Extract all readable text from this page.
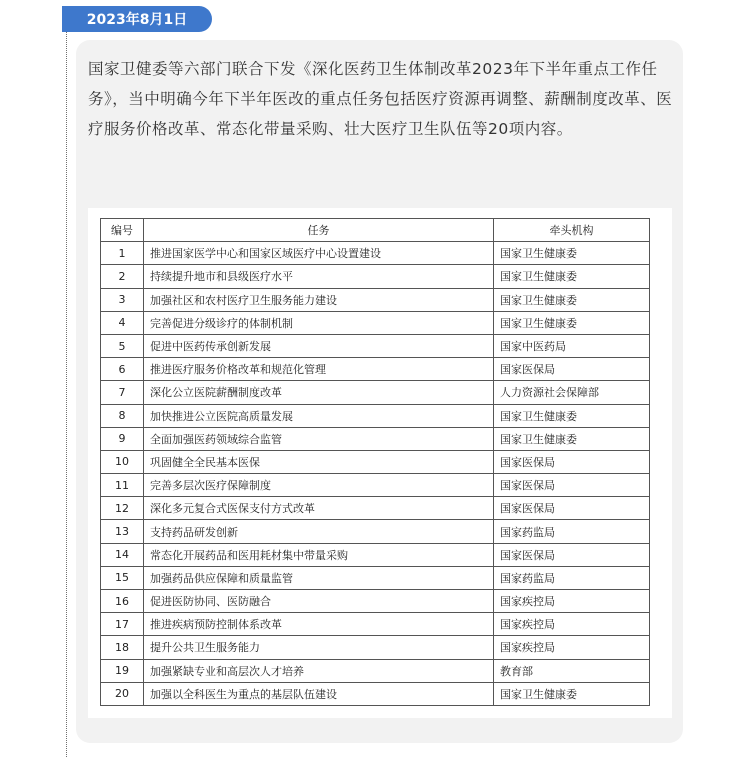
2023年8月1日
国家卫健委等六部门联合下发《深化医药卫生体制改革2023年下半年重点工作任务》，当中明确今年下半年医改的重点任务包括医疗资源再调整、薪酬制度改革、医疗服务价格改革、常态化带量采购、壮大医疗卫生队伍等20项内容。
编号	任务	牵头机构
1	推进国家医学中心和国家区域医疗中心设置建设	国家卫生健康委
2	持续提升地市和县级医疗水平	国家卫生健康委
3	加强社区和农村医疗卫生服务能力建设	国家卫生健康委
4	完善促进分级诊疗的体制机制	国家卫生健康委
5	促进中医药传承创新发展	国家中医药局
6	推进医疗服务价格改革和规范化管理	国家医保局
7	深化公立医院薪酬制度改革	人力资源社会保障部
8	加快推进公立医院高质量发展	国家卫生健康委
9	全面加强医药领域综合监管	国家卫生健康委
10	巩固健全全民基本医保	国家医保局
11	完善多层次医疗保障制度	国家医保局
12	深化多元复合式医保支付方式改革	国家医保局
13	支持药品研发创新	国家药监局
14	常态化开展药品和医用耗材集中带量采购	国家医保局
15	加强药品供应保障和质量监管	国家药监局
16	促进医防协同、医防融合	国家疾控局
17	推进疾病预防控制体系改革	国家疾控局
18	提升公共卫生服务能力	国家疾控局
19	加强紧缺专业和高层次人才培养	教育部
20	加强以全科医生为重点的基层队伍建设	国家卫生健康委
